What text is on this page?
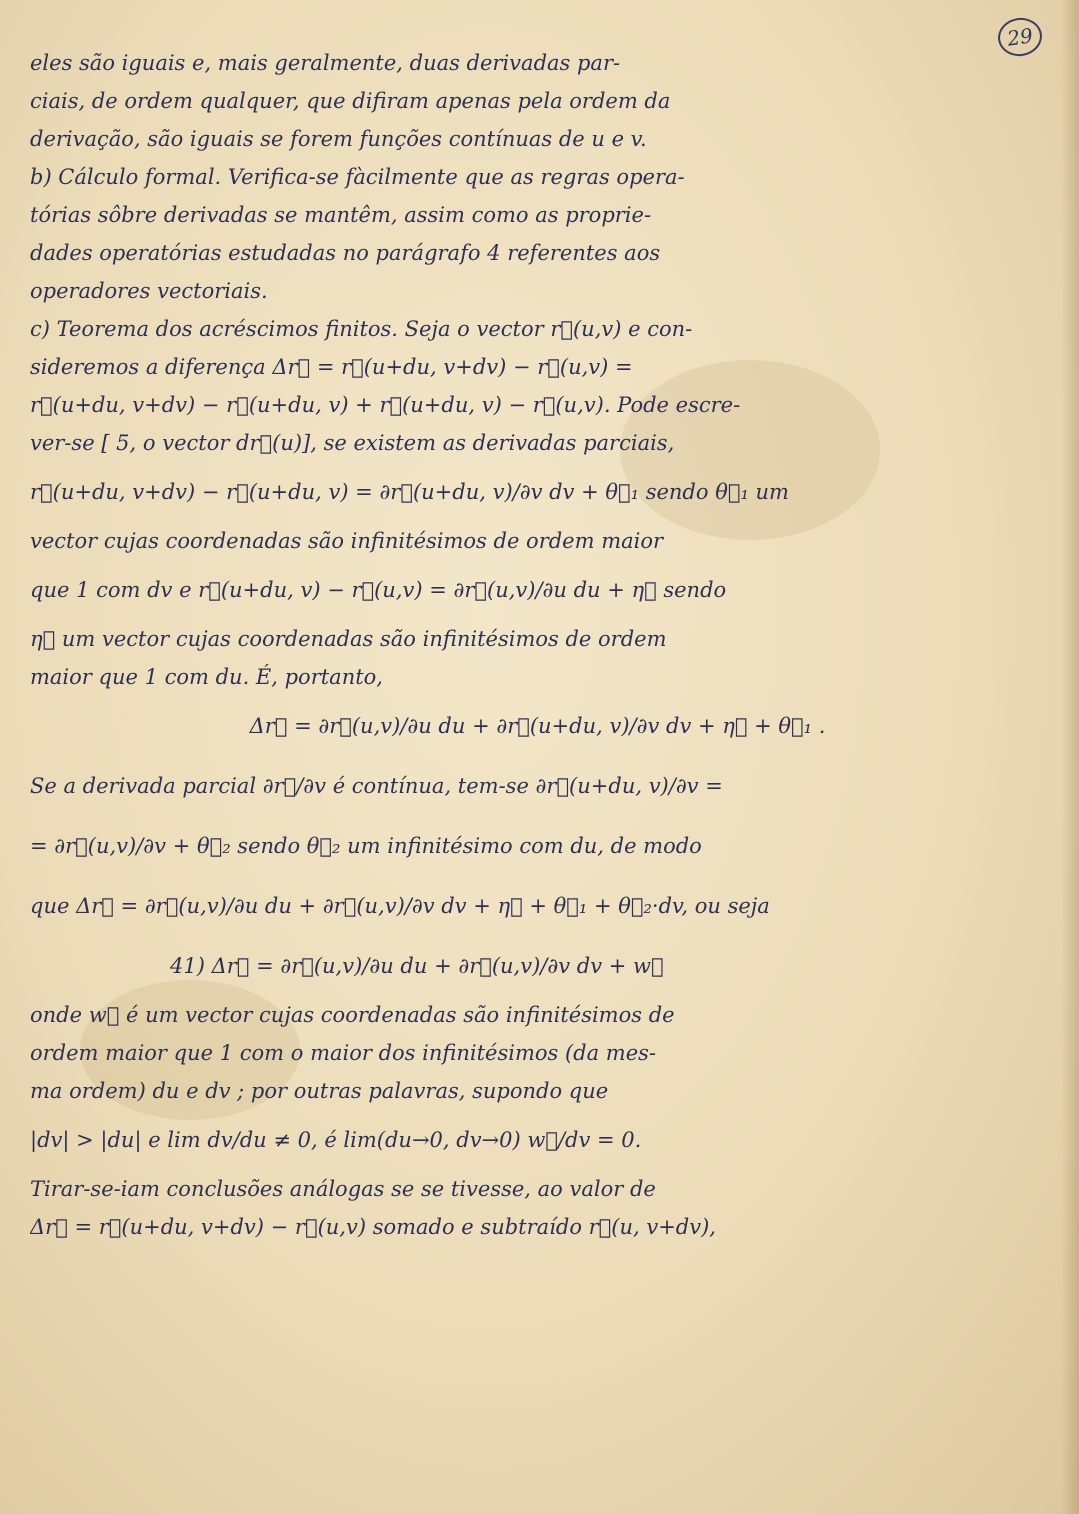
29
eles são iguais e, mais geralmente, duas derivadas par-
ciais, de ordem qualquer, que difiram apenas pela ordem da
derivação, são iguais se forem funções contínuas de u e v.
b) Cálculo formal. Verifica-se fàcilmente que as regras opera-
tórias sôbre derivadas se mantêm, assim como as proprie-
dades operatórias estudadas no parágrafo 4 referentes aos
operadores vectoriais.
c) Teorema dos acréscimos finitos. Seja o vector r⃗(u,v) e con-
sideremos a diferença Δr⃗ = r⃗(u+du, v+dv) − r⃗(u,v) =
r⃗(u+du, v+dv) − r⃗(u+du, v) + r⃗(u+du, v) − r⃗(u,v). Pode escre-
ver-se [ 5, o vector dr⃗(u)], se existem as derivadas parciais,
r⃗(u+du, v+dv) − r⃗(u+du, v) = ∂r⃗(u+du, v)/∂v dv + θ⃗₁ sendo θ⃗₁ um
vector cujas coordenadas são infinitésimos de ordem maior
que 1 com dv e r⃗(u+du, v) − r⃗(u,v) = ∂r⃗(u,v)/∂u du + η⃗ sendo
η⃗ um vector cujas coordenadas são infinitésimos de ordem
maior que 1 com du. É, portanto,
Δr⃗ = ∂r⃗(u,v)/∂u du + ∂r⃗(u+du, v)/∂v dv + η⃗ + θ⃗₁ .
Se a derivada parcial ∂r⃗/∂v é contínua, tem-se ∂r⃗(u+du, v)/∂v =
= ∂r⃗(u,v)/∂v + θ⃗₂ sendo θ⃗₂ um infinitésimo com du, de modo
que Δr⃗ = ∂r⃗(u,v)/∂u du + ∂r⃗(u,v)/∂v dv + η⃗ + θ⃗₁ + θ⃗₂·dv, ou seja
41) Δr⃗ = ∂r⃗(u,v)/∂u du + ∂r⃗(u,v)/∂v dv + w⃗
onde w⃗ é um vector cujas coordenadas são infinitésimos de
ordem maior que 1 com o maior dos infinitésimos (da mes-
ma ordem) du e dv ; por outras palavras, supondo que
|dv| > |du| e lim dv/du ≠ 0, é lim(du→0, dv→0) w⃗/dv = 0.
Tirar-se-iam conclusões análogas se se tivesse, ao valor de
Δr⃗ = r⃗(u+du, v+dv) − r⃗(u,v) somado e subtraído r⃗(u, v+dv),
